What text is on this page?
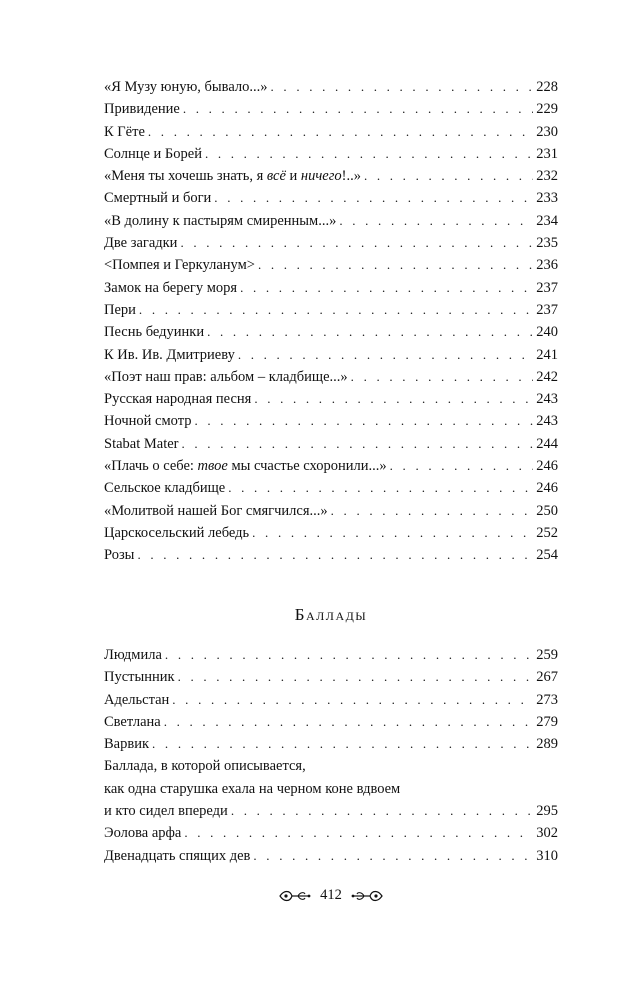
«Я Музу юную, бывало...» . . .	228
Привидение . . .	229
К Гёте . . .	230
Солнце и Борей . . .	231
«Меня ты хочешь знать, я всё и ничего!..» . . .	232
Смертный и боги . . .	233
«В долину к пастырям смиренным...» . . .	234
Две загадки . . .	235
<Помпея и Геркуланум> . . .	236
Замок на берегу моря . . .	237
Пери . . .	237
Песнь бедуинки . . .	240
К Ив. Ив. Дмитриеву . . .	241
«Поэт наш прав: альбом – кладбище...» . . .	242
Русская народная песня . . .	243
Ночной смотр . . .	243
Stabat Mater . . .	244
«Плачь о себе: твое мы счастье схоронили...» . . .	246
Сельское кладбище . . .	246
«Молитвой нашей Бог смягчился...» . . .	250
Царскосельский лебедь . . .	252
Розы . . .	254
Баллады
Людмила . . .	259
Пустынник . . .	267
Адельстан . . .	273
Светлана . . .	279
Варвик . . .	289
Баллада, в которой описывается,
как одна старушка ехала на черном коне вдвоем
и кто сидел впереди . . .	295
Эолова арфа . . .	302
Двенадцать спящих дев . . .	310
412
